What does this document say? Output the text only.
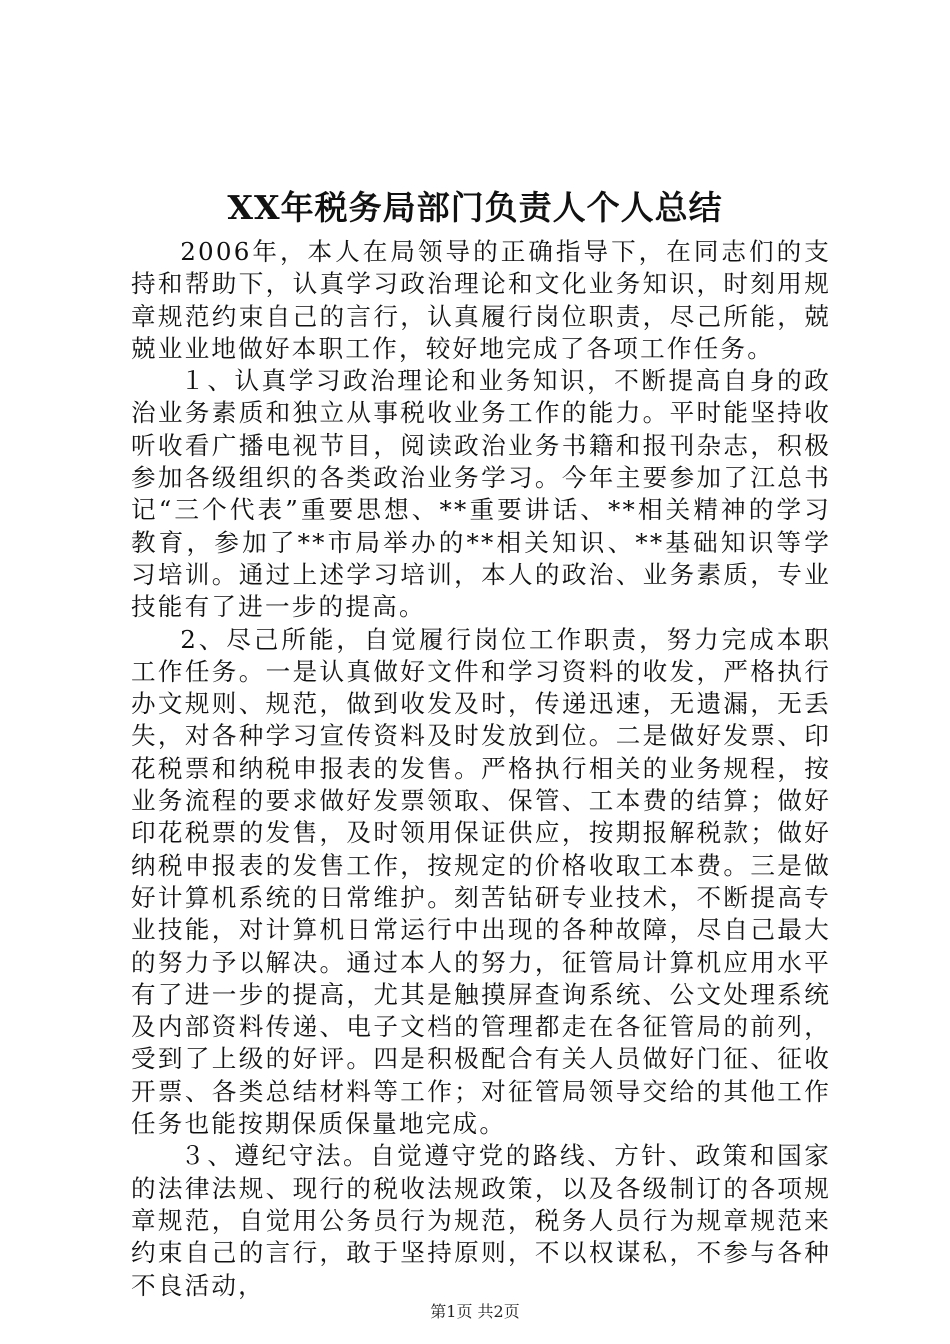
XX年税务局部门负责人个人总结

2006年，本人在局领导的正确指导下，在同志们的支持和帮助下，认真学习政治理论和文化业务知识，时刻用规章规范约束自己的言行，认真履行岗位职责，尽己所能，兢兢业业地做好本职工作，较好地完成了各项工作任务。

１、认真学习政治理论和业务知识，不断提高自身的政治业务素质和独立从事税收业务工作的能力。平时能坚持收听收看广播电视节目，阅读政治业务书籍和报刊杂志，积极参加各级组织的各类政治业务学习。今年主要参加了江总书记“三个代表”重要思想、**重要讲话、**相关精神的学习教育，参加了**市局举办的**相关知识、**基础知识等学习培训。通过上述学习培训，本人的政治、业务素质，专业技能有了进一步的提高。

2、尽己所能，自觉履行岗位工作职责，努力完成本职工作任务。一是认真做好文件和学习资料的收发，严格执行办文规则、规范，做到收发及时，传递迅速，无遗漏，无丢失，对各种学习宣传资料及时发放到位。二是做好发票、印花税票和纳税申报表的发售。严格执行相关的业务规程，按业务流程的要求做好发票领取、保管、工本费的结算；做好印花税票的发售，及时领用保证供应，按期报解税款；做好纳税申报表的发售工作，按规定的价格收取工本费。三是做好计算机系统的日常维护。刻苦钻研专业技术，不断提高专业技能，对计算机日常运行中出现的各种故障，尽自己最大的努力予以解决。通过本人的努力，征管局计算机应用水平有了进一步的提高，尤其是触摸屏查询系统、公文处理系统及内部资料传递、电子文档的管理都走在各征管局的前列，受到了上级的好评。四是积极配合有关人员做好门征、征收开票、各类总结材料等工作；对征管局领导交给的其他工作任务也能按期保质保量地完成。

３、遵纪守法。自觉遵守党的路线、方针、政策和国家的法律法规、现行的税收法规政策，以及各级制订的各项规章规范，自觉用公务员行为规范，税务人员行为规章规范来约束自己的言行，敢于坚持原则，不以权谋私，不参与各种不良活动，

第1页 共2页
